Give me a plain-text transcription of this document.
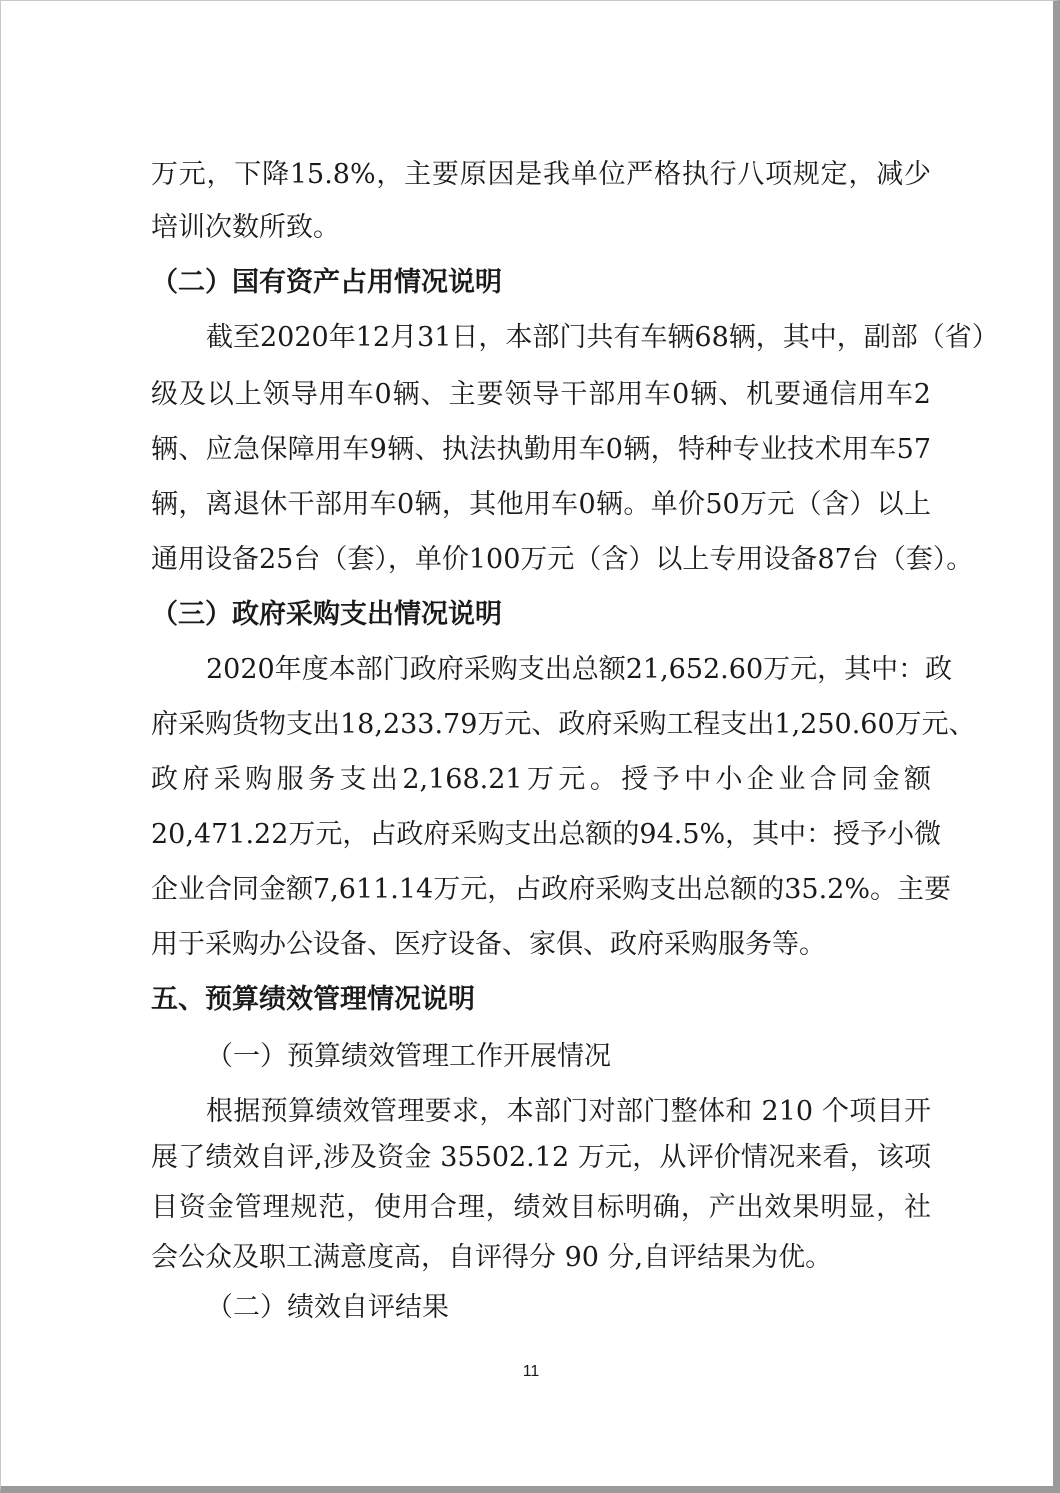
万元，下降15.8%，主要原因是我单位严格执行八项规定，减少
培训次数所致。
（二）国有资产占用情况说明
截至2020年12月31日，本部门共有车辆68辆，其中，副部（省）
级及以上领导用车0辆、主要领导干部用车0辆、机要通信用车2
辆、应急保障用车9辆、执法执勤用车0辆，特种专业技术用车57
辆，离退休干部用车0辆，其他用车0辆。单价50万元（含）以上
通用设备25台（套），单价100万元（含）以上专用设备87台（套）。
（三）政府采购支出情况说明
2020年度本部门政府采购支出总额21,652.60万元，其中：政
府采购货物支出18,233.79万元、政府采购工程支出1,250.60万元、
政府采购服务支出2,168.21万元。授予中小企业合同金额
20,471.22万元，占政府采购支出总额的94.5%，其中：授予小微
企业合同金额7,611.14万元，占政府采购支出总额的35.2%。主要
用于采购办公设备、医疗设备、家俱、政府采购服务等。
五、预算绩效管理情况说明
（一）预算绩效管理工作开展情况
根据预算绩效管理要求，本部门对部门整体和 210 个项目开
展了绩效自评,涉及资金 35502.12 万元，从评价情况来看，该项
目资金管理规范，使用合理，绩效目标明确，产出效果明显，社
会公众及职工满意度高，自评得分 90 分,自评结果为优。
（二）绩效自评结果
11
